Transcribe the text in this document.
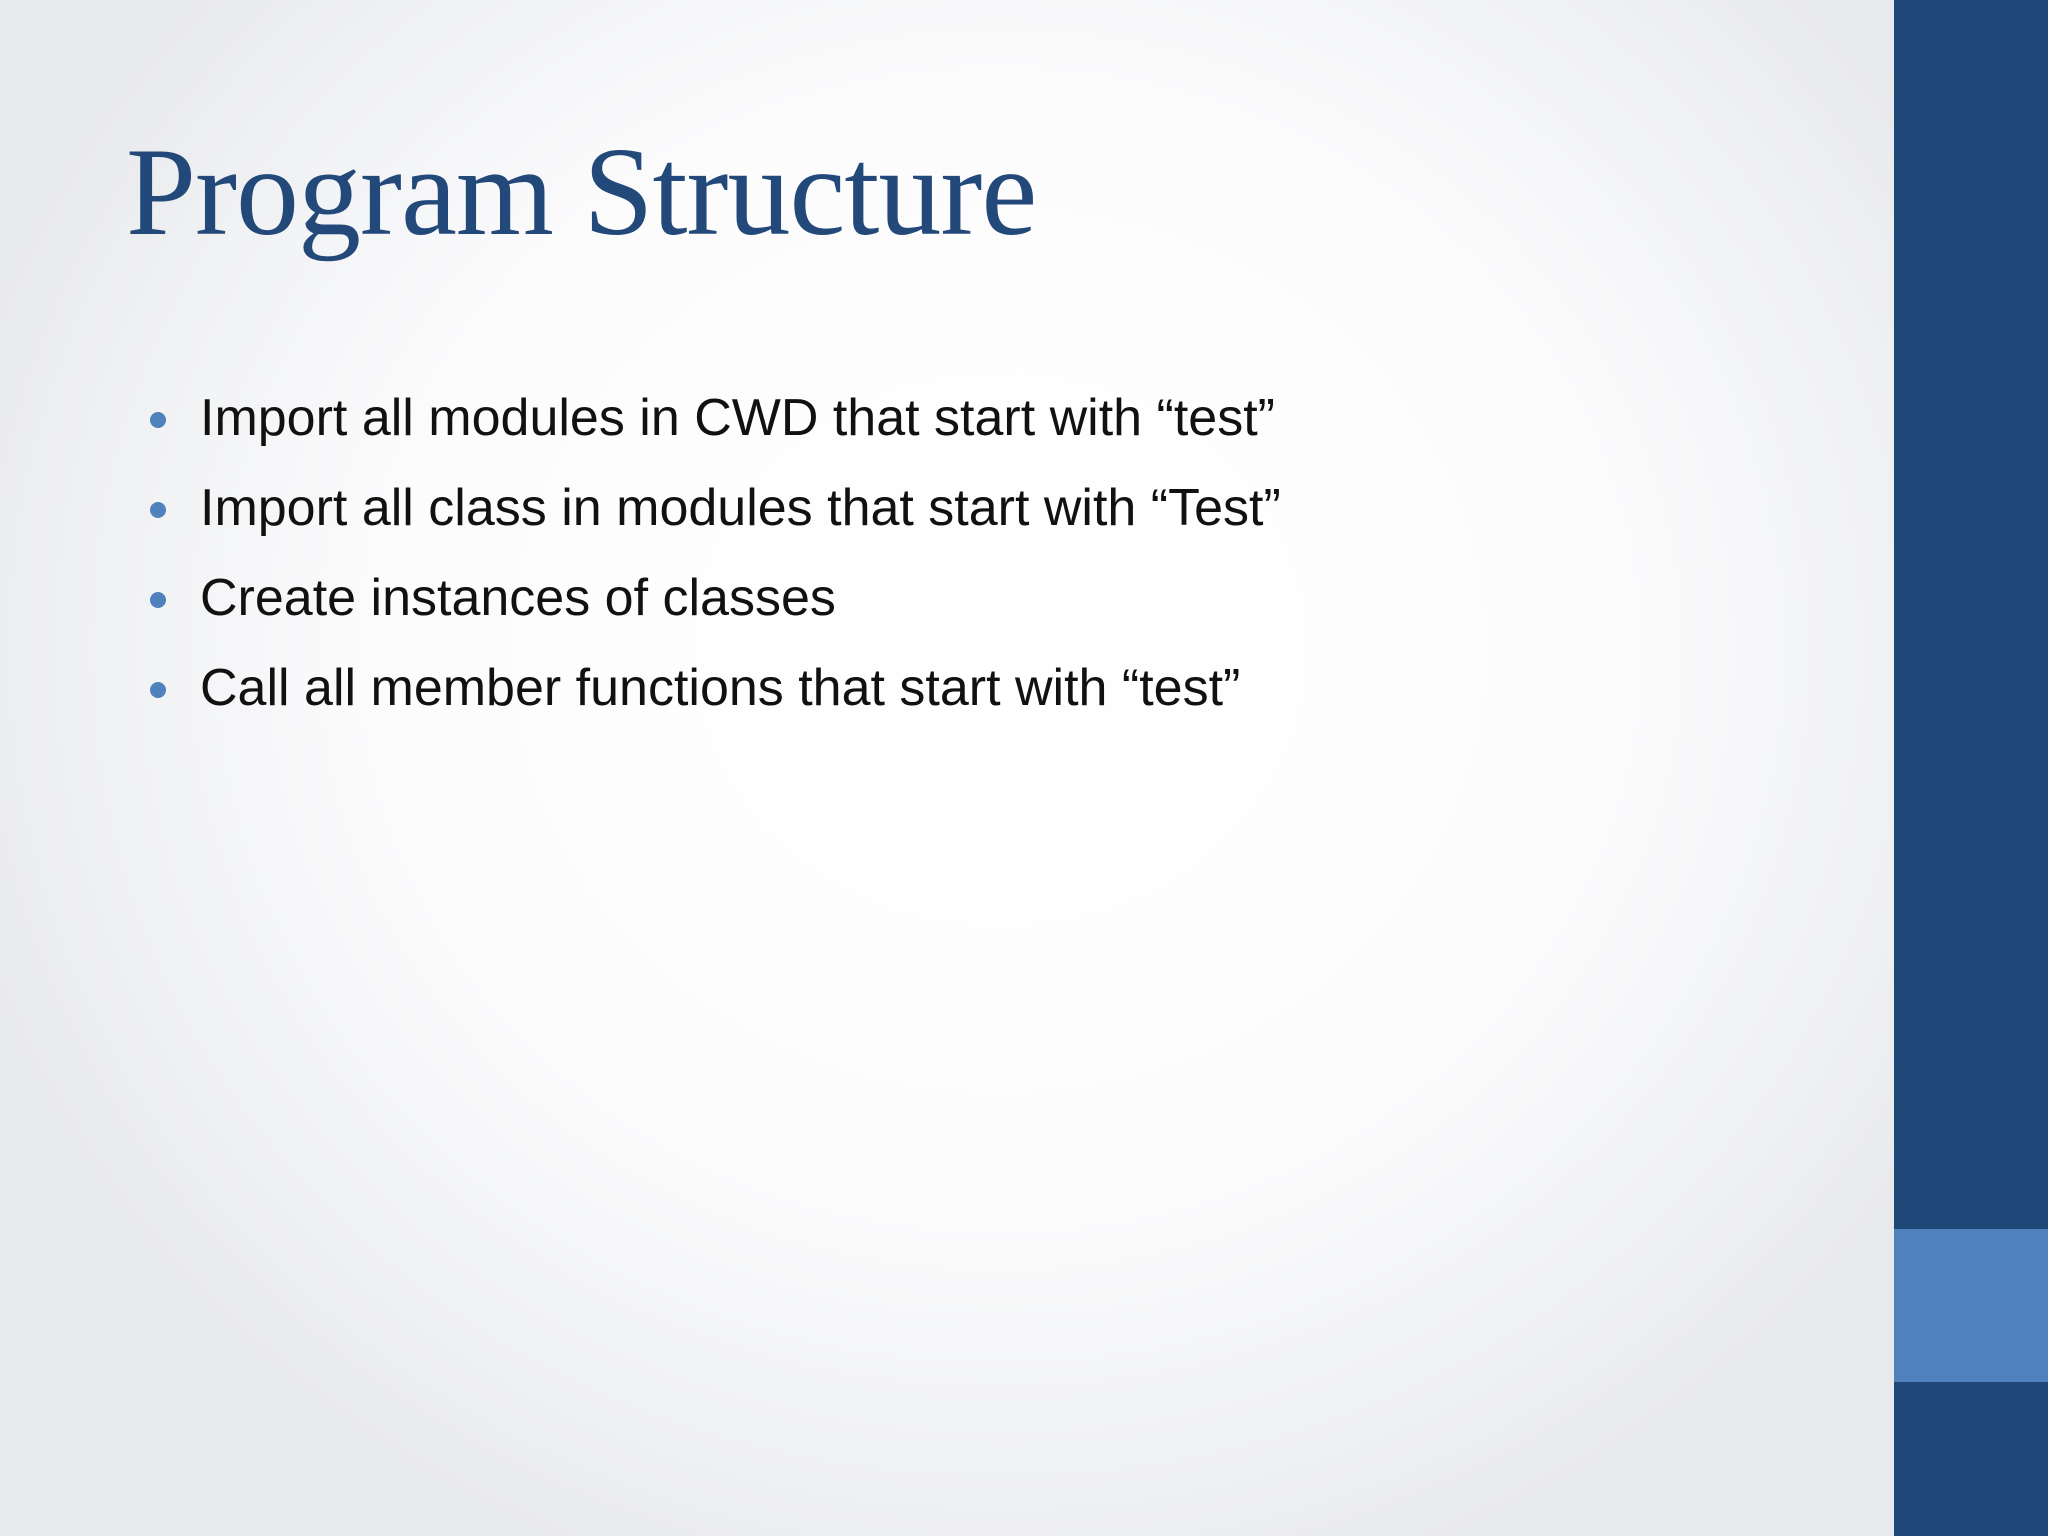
Program Structure
Import all modules in CWD that start with “test”
Import all class in modules that start with “Test”
Create instances of classes
Call all member functions that start with “test”
